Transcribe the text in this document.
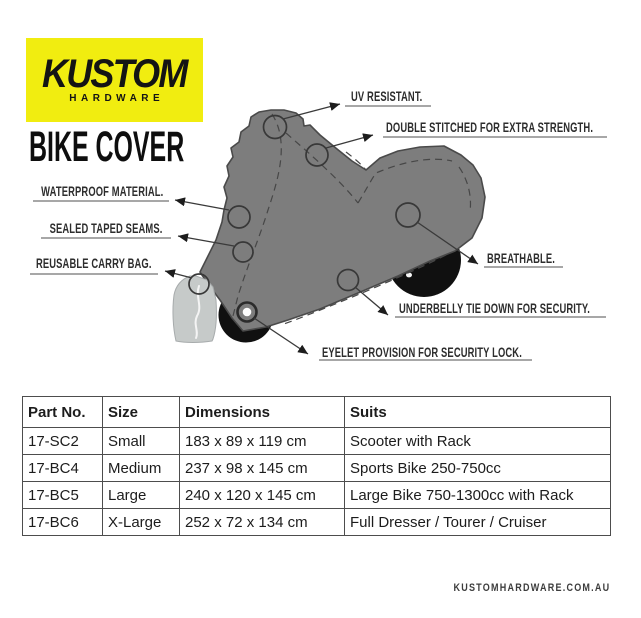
KUSTOM
HARDWARE
BIKE COVER
UV RESISTANT.
DOUBLE STITCHED FOR EXTRA STRENGTH.
WATERPROOF MATERIAL.
SEALED TAPED SEAMS.
REUSABLE CARRY BAG.	BREATHABLE.
UNDERBELLY TIE DOWN FOR SECURITY.
EYELET PROVISION FOR SECURITY LOCK.
Part No.	Size	Dimensions	Suits
17-SC2	Small	183 x 89 x 119 cm	Scooter with Rack
17-BC4	Medium	237 x 98 x 145 cm	Sports Bike 250-750cc
17-BC5	Large	240 x 120 x 145 cm	Large Bike 750-1300cc with Rack
17-BC6	X-Large	252 x 72 x 134 cm	Full Dresser / Tourer / Cruiser
KUSTOMHARDWARE.COM.AU
